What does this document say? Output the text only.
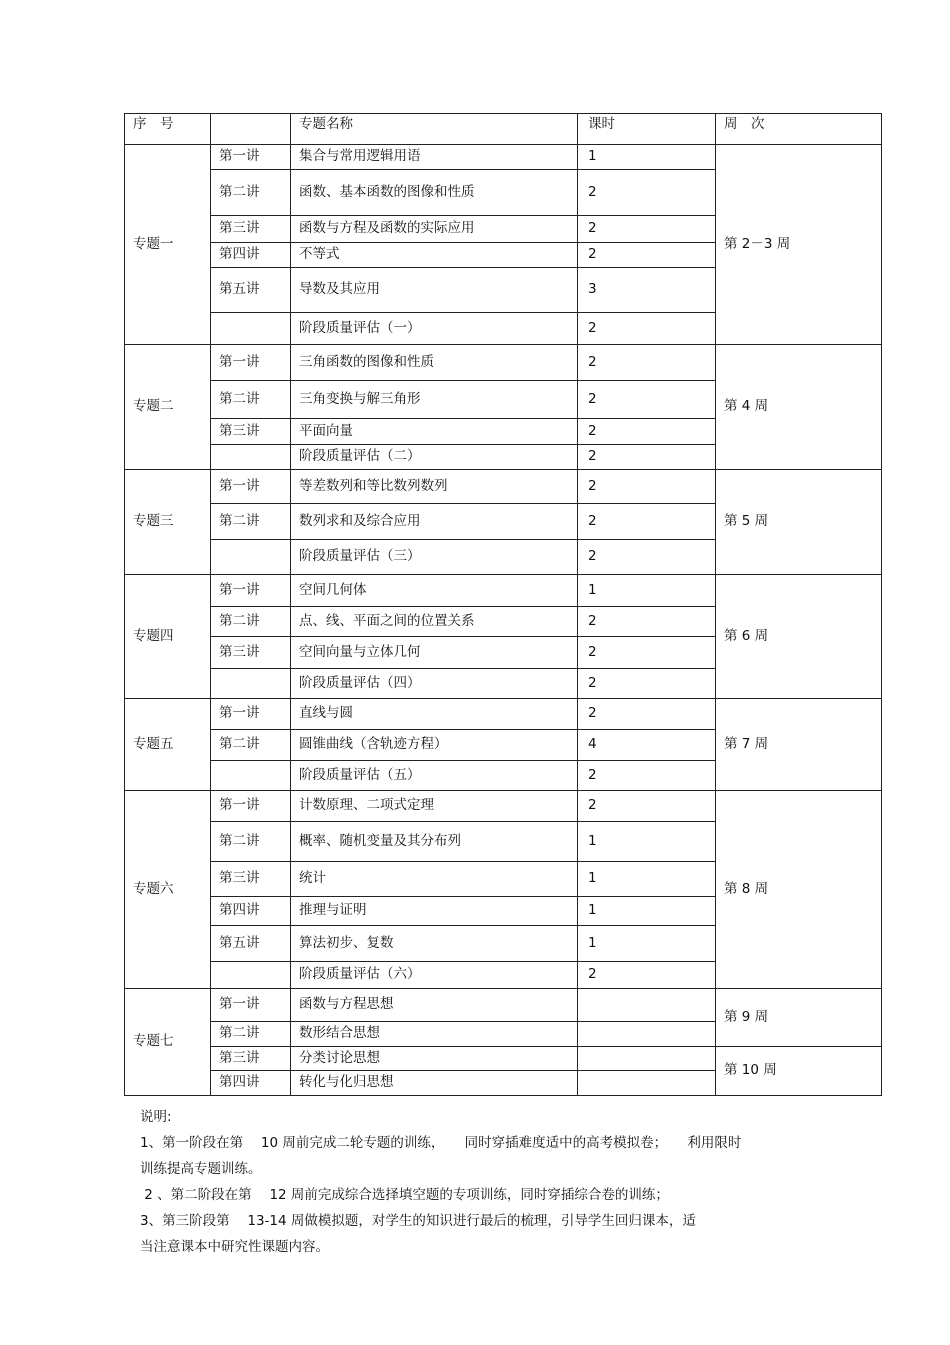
序　号		专题名称	课时	周　次
专题一	第一讲	集合与常用逻辑用语	1	第 2－3 周
	第二讲	函数、基本函数的图像和性质	2	
	第三讲	函数与方程及函数的实际应用	2	
	第四讲	不等式	2	
	第五讲	导数及其应用	3	
		阶段质量评估（一）	2	
专题二	第一讲	三角函数的图像和性质	2	第 4 周
	第二讲	三角变换与解三角形	2	
	第三讲	平面向量	2	
		阶段质量评估（二）	2	
专题三	第一讲	等差数列和等比数列数列	2	第 5 周
	第二讲	数列求和及综合应用	2	
		阶段质量评估（三）	2	
专题四	第一讲	空间几何体	1	第 6 周
	第二讲	点、线、平面之间的位置关系	2	
	第三讲	空间向量与立体几何	2	
		阶段质量评估（四）	2	
专题五	第一讲	直线与圆	2	第 7 周
	第二讲	圆锥曲线（含轨迹方程）	4	
		阶段质量评估（五）	2	
专题六	第一讲	计数原理、二项式定理	2	第 8 周
	第二讲	概率、随机变量及其分布列	1	
	第三讲	统计	1	
	第四讲	推理与证明	1	
	第五讲	算法初步、复数	1	
		阶段质量评估（六）	2	
专题七	第一讲	函数与方程思想		第 9 周
	第二讲	数形结合思想		
	第三讲	分类讨论思想		第 10 周
	第四讲	转化与化归思想		
说明:
1、第一阶段在第　 10 周前完成二轮专题的训练，　　同时穿插难度适中的高考模拟卷；　　利用限时
训练提高专题训练。
2 、第二阶段在第　 12 周前完成综合选择填空题的专项训练，同时穿插综合卷的训练；
3、第三阶段第　 13-14 周做模拟题，对学生的知识进行最后的梳理，引导学生回归课本，适
当注意课本中研究性课题内容。
